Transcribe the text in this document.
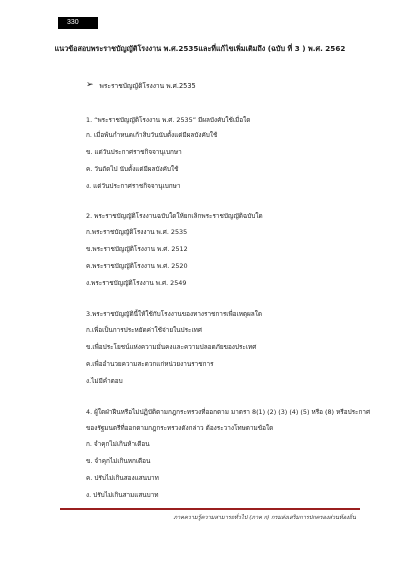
330
แนวข้อสอบพระราชบัญญัติโรงงาน พ.ศ.2535และที่แก้ไขเพิ่มเติมถึง (ฉบับ ที่ 3 ) พ.ศ. 2562
➢ พระราชบัญญัติโรงงาน พ.ศ.2535
1. “พระราชบัญญัติโรงงาน พ.ศ. 2535” มีผลบังคับใช้เมื่อใด
ก. เมื่อพ้นกำหนดเก้าสิบวันนับตั้งแต่มีผลบังคับใช้
ข. แต่วันประกาศราชกิจจานุเบกษา
ค. วันถัดไป นับตั้งแต่มีผลบังคับใช้
ง. แต่วันประกาศราชกิจจานุเบกษา
2. พระราชบัญญัติโรงงานฉบับใดให้ยกเลิกพระราชบัญญัติฉบับใด
ก.พระราชบัญญัติโรงงาน พ.ศ. 2535
ข.พระราชบัญญัติโรงงาน พ.ศ. 2512
ค.พระราชบัญญัติโรงงาน พ.ศ. 2520
ง.พระราชบัญญัติโรงงาน พ.ศ. 2549
3.พระราชบัญญัตินี้ให้ใช้กับโรงงานของทางราชการเพื่อเหตุผลใด
ก.เพื่อเป็นการประหยัดค่าใช้จ่ายในประเทศ
ข.เพื่อประโยชน์แห่งความมั่นคงและความปลอดภัยของประเทศ
ค.เพื่ออำนวยความสะดวกแก่หน่วยงานราชการ
ง.ไม่มีคำตอบ
4. ผู้ใดฝ่าฝืนหรือไม่ปฏิบัติตามกฎกระทรวงที่ออกตาม มาตรา 8(1) (2) (3) (4) (5) หรือ (8) หรือประกาศ
ของรัฐมนตรีที่ออกตามกฎกระทรวงดังกล่าว ต้องระวางโทษตามข้อใด
ก. จำคุกไม่เกินห้าเดือน
ข. จำคุกไม่เกินหกเดือน
ค. ปรับไม่เกินสองแสนบาท
ง. ปรับไม่เกินสามแสนบาท
ภาคความรู้ความสามารถทั่วไป (ภาค ก) กรมส่งเสริมการปกครองส่วนท้องถิ่น
